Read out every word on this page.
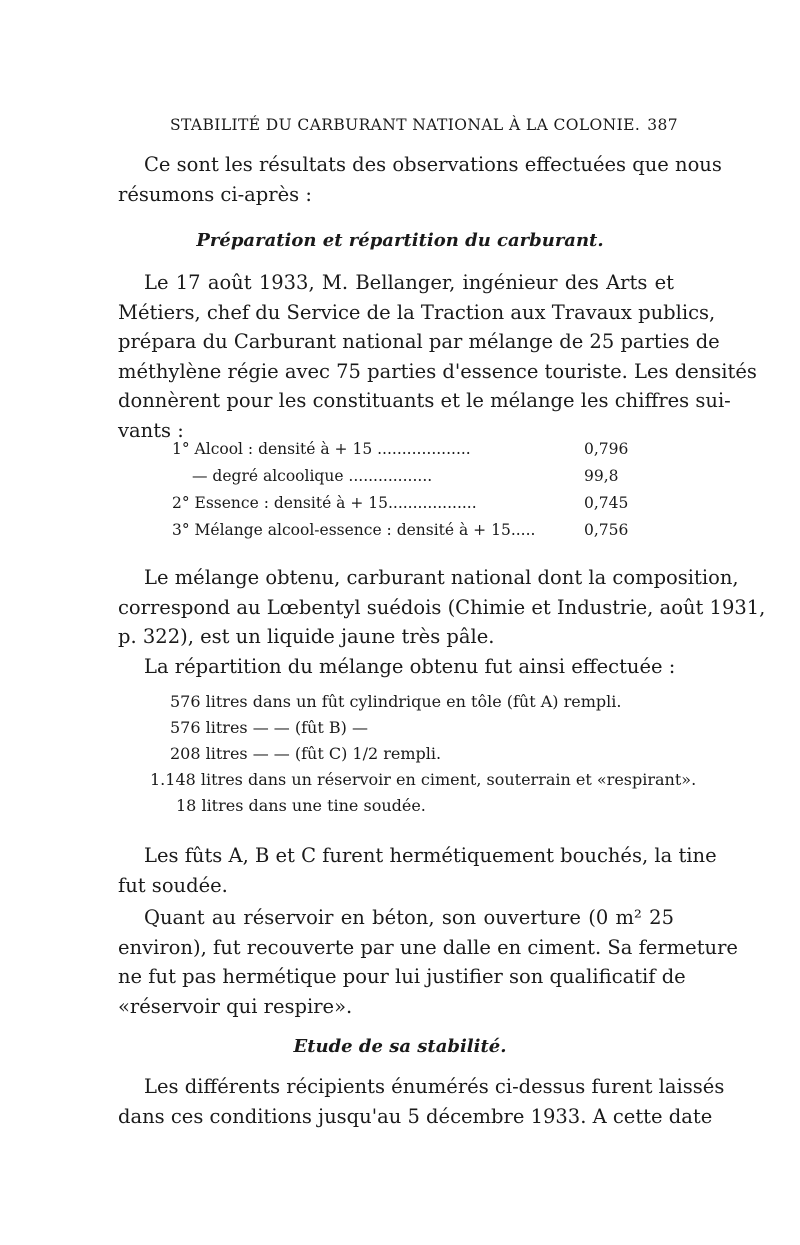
STABILITÉ DU CARBURANT NATIONAL À LA COLONIE. 387
Ce sont les résultats des observations effectuées que nous
résumons ci-après :
Préparation et répartition du carburant.
Le 17 août 1933, M. Bellanger, ingénieur des Arts et
Métiers, chef du Service de la Traction aux Travaux publics,
prépara du Carburant national par mélange de 25 parties de
méthylène régie avec 75 parties d'essence touriste. Les densités
donnèrent pour les constituants et le mélange les chiffres sui-
vants :
1° Alcool : densité à + 15 ...................	0,796
— degré alcoolique .................	99,8
2° Essence : densité à + 15..................	0,745
3° Mélange alcool-essence : densité à + 15.....	0,756
Le mélange obtenu, carburant national dont la composition,
correspond au Lœbentyl suédois (Chimie et Industrie, août 1931,
p. 322), est un liquide jaune très pâle.
La répartition du mélange obtenu fut ainsi effectuée :
576 litres dans un fût cylindrique en tôle (fût A) rempli.
576 litres — — (fût B) —
208 litres — — (fût C) 1/2 rempli.
1.148 litres dans un réservoir en ciment, souterrain et «respirant».
18 litres dans une tine soudée.
Les fûts A, B et C furent hermétiquement bouchés, la tine
fut soudée.
Quant au réservoir en béton, son ouverture (0 m² 25
environ), fut recouverte par une dalle en ciment. Sa fermeture
ne fut pas hermétique pour lui justifier son qualificatif de
«réservoir qui respire».
Etude de sa stabilité.
Les différents récipients énumérés ci-dessus furent laissés
dans ces conditions jusqu'au 5 décembre 1933. A cette date
